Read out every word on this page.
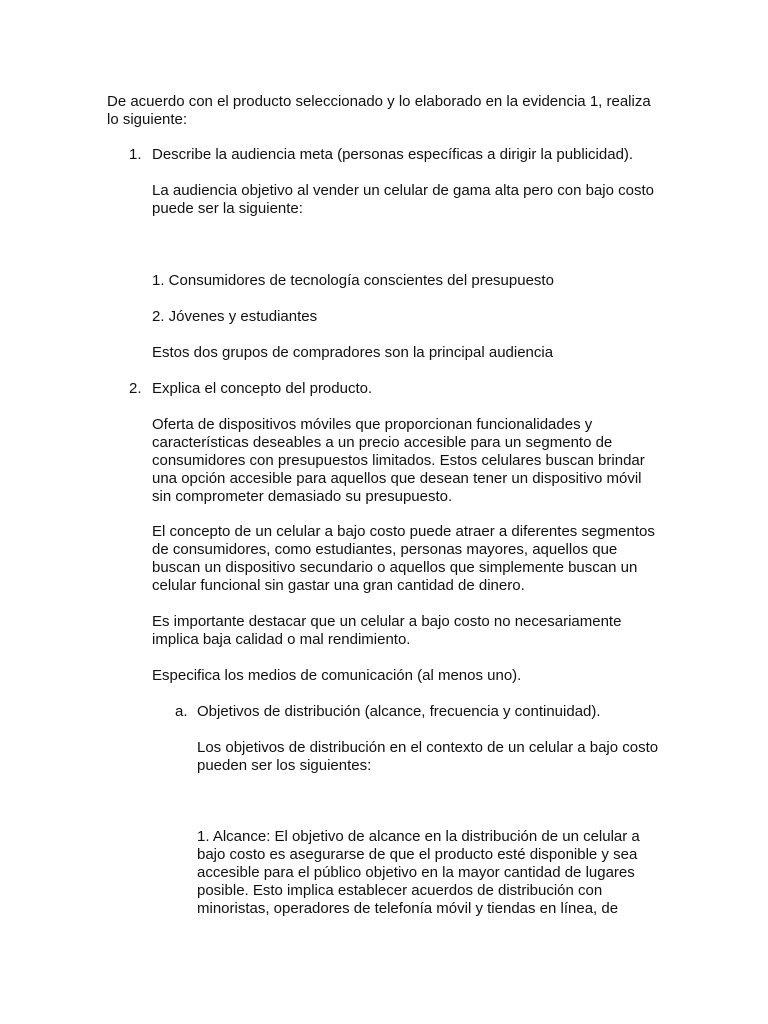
De acuerdo con el producto seleccionado y lo elaborado en la evidencia 1, realiza
lo siguiente:
1. Describe la audiencia meta (personas específicas a dirigir la publicidad).
La audiencia objetivo al vender un celular de gama alta pero con bajo costo
puede ser la siguiente:
1. Consumidores de tecnología conscientes del presupuesto
2. Jóvenes y estudiantes
Estos dos grupos de compradores son la principal audiencia
2. Explica el concepto del producto.
Oferta de dispositivos móviles que proporcionan funcionalidades y
características deseables a un precio accesible para un segmento de
consumidores con presupuestos limitados. Estos celulares buscan brindar
una opción accesible para aquellos que desean tener un dispositivo móvil
sin comprometer demasiado su presupuesto.
El concepto de un celular a bajo costo puede atraer a diferentes segmentos
de consumidores, como estudiantes, personas mayores, aquellos que
buscan un dispositivo secundario o aquellos que simplemente buscan un
celular funcional sin gastar una gran cantidad de dinero.
Es importante destacar que un celular a bajo costo no necesariamente
implica baja calidad o mal rendimiento.
Especifica los medios de comunicación (al menos uno).
a. Objetivos de distribución (alcance, frecuencia y continuidad).
Los objetivos de distribución en el contexto de un celular a bajo costo
pueden ser los siguientes:
1. Alcance: El objetivo de alcance en la distribución de un celular a
bajo costo es asegurarse de que el producto esté disponible y sea
accesible para el público objetivo en la mayor cantidad de lugares
posible. Esto implica establecer acuerdos de distribución con
minoristas, operadores de telefonía móvil y tiendas en línea, de
